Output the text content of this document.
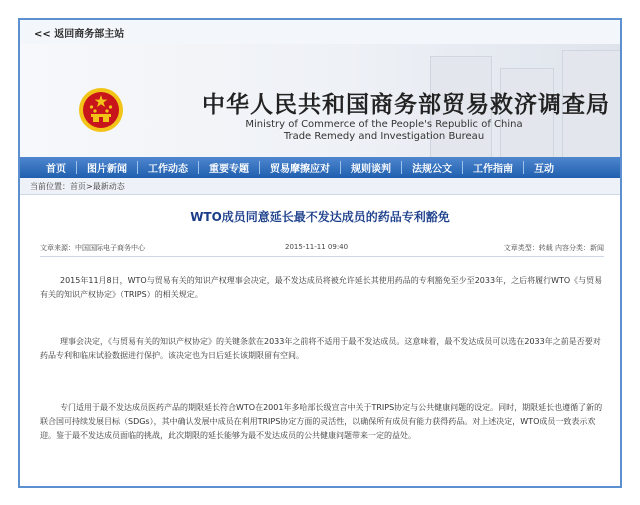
<< 返回商务部主站
中华人民共和国商务部贸易救济调查局
Ministry of Commerce of the People's Republic of China
Trade Remedy and Investigation Bureau
首页 图片新闻 工作动态 重要专题 贸易摩擦应对 规则谈判 法规公文 工作指南 互动
当前位置：首页>最新动态
WTO成员同意延长最不发达成员的药品专利豁免
文章来源：中国国际电子商务中心	2015-11-11 09:40	文章类型：转载 内容分类：新闻
2015年11月8日，WTO与贸易有关的知识产权理事会决定，最不发达成员将被允许延长其使用药品的专利豁免至少至2033年，之后将履行WTO《与贸易有关的知识产权协定》（TRIPS）的相关规定。
理事会决定，《与贸易有关的知识产权协定》的关键条款在2033年之前将不适用于最不发达成员。这意味着，最不发达成员可以选在2033年之前是否要对药品专利和临床试验数据进行保护。该决定也为日后延长该期限留有空间。
专门适用于最不发达成员医药产品的期限延长符合WTO在2001年多哈部长级宣言中关于TRIPS协定与公共健康问题的设定。同时，期限延长也遵循了新的联合国可持续发展目标（SDGs），其中确认发展中成员在利用TRIPS协定方面的灵活性，以确保所有成员有能力获得药品。对上述决定，WTO成员一致表示欢迎。鉴于最不发达成员面临的挑战，此次期限的延长能够为最不发达成员的公共健康问题带来一定的益处。
